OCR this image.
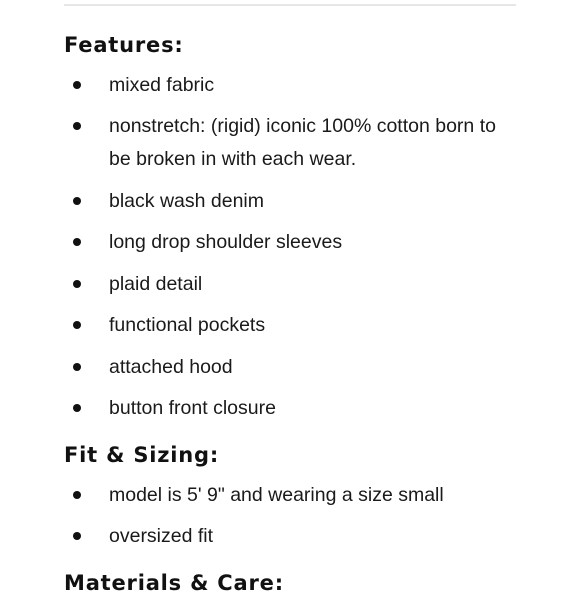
Features:
mixed fabric
nonstretch: (rigid) iconic 100% cotton born to be broken in with each wear.
black wash denim
long drop shoulder sleeves
plaid detail
functional pockets
attached hood
button front closure
Fit & Sizing:
model is 5' 9" and wearing a size small
oversized fit
Materials & Care:
